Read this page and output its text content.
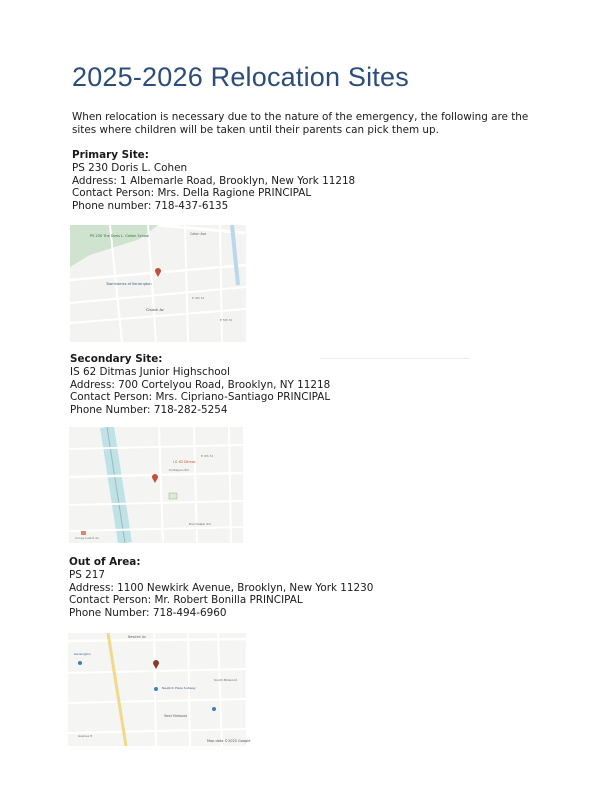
2025-2026 Relocation Sites

When relocation is necessary due to the nature of the emergency, the following are the sites where children will be taken until their parents can pick them up.

Primary Site:
PS 230 Doris L. Cohen
Address: 1 Albemarle Road, Brooklyn, New York 11218
Contact Person: Mrs. Della Ragione PRINCIPAL
Phone number: 718-437-6135
PS 230 The Doris L. Cohen School
Townhomes of Kensington
Church Av
Caton Ave
E 4th St
E 5th St
Secondary Site:
IS 62 Ditmas Junior Highschool
Address: 700 Cortelyou Road, Brooklyn, NY 11218
Contact Person: Mrs. Cipriano-Santiago PRINCIPAL
Phone Number: 718-282-5254
I.S. 62 Ditmas
Cortelyou Rd
Dorchester Rd
E 9th St
Coney Island Av
Out of Area:
PS 217
Address: 1100 Newkirk Avenue, Brooklyn, New York 11230
Contact Person: Mr. Robert Bonilla PRINCIPAL
Phone Number: 718-494-6960
Newkirk Av
Newkirk Plaza Subway
Kensington
West Midwood
South Midwood
Avenue H
Map data ©2025 Google
